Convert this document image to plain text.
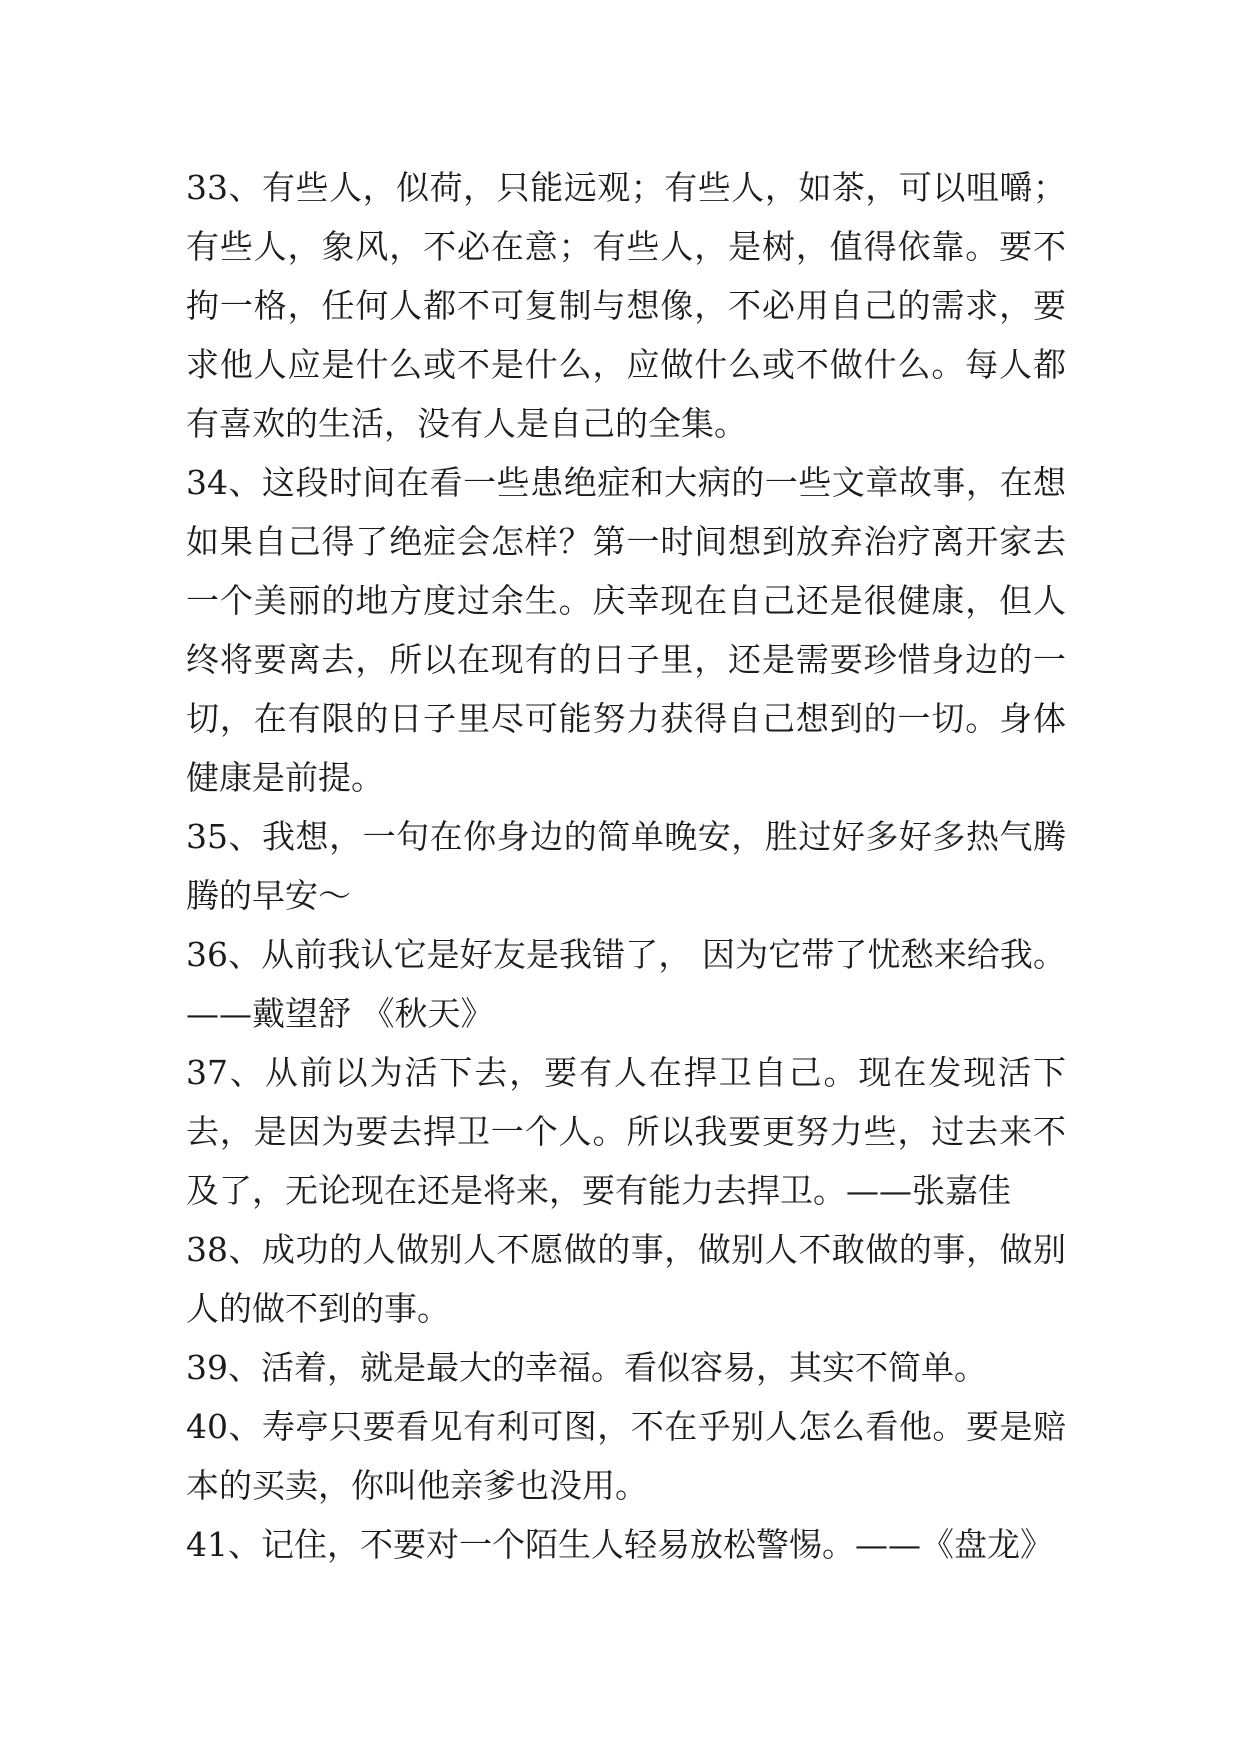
33、有些人，似荷，只能远观；有些人，如茶，可以咀嚼；有些人，象风，不必在意；有些人，是树，值得依靠。要不拘一格，任何人都不可复制与想像，不必用自己的需求，要求他人应是什么或不是什么，应做什么或不做什么。每人都有喜欢的生活，没有人是自己的全集。

34、这段时间在看一些患绝症和大病的一些文章故事，在想如果自己得了绝症会怎样？第一时间想到放弃治疗离开家去一个美丽的地方度过余生。庆幸现在自己还是很健康，但人终将要离去，所以在现有的日子里，还是需要珍惜身边的一切，在有限的日子里尽可能努力获得自己想到的一切。身体健康是前提。

35、我想，一句在你身边的简单晚安，胜过好多好多热气腾腾的早安～

36、从前我认它是好友是我错了， 因为它带了忧愁来给我。——戴望舒 《秋天》

37、从前以为活下去，要有人在捍卫自己。现在发现活下去，是因为要去捍卫一个人。所以我要更努力些，过去来不及了，无论现在还是将来，要有能力去捍卫。——张嘉佳

38、成功的人做别人不愿做的事，做别人不敢做的事，做别人的做不到的事。

39、活着，就是最大的幸福。看似容易，其实不简单。

40、寿亭只要看见有利可图，不在乎别人怎么看他。要是赔本的买卖，你叫他亲爹也没用。

41、记住，不要对一个陌生人轻易放松警惕。——《盘龙》
